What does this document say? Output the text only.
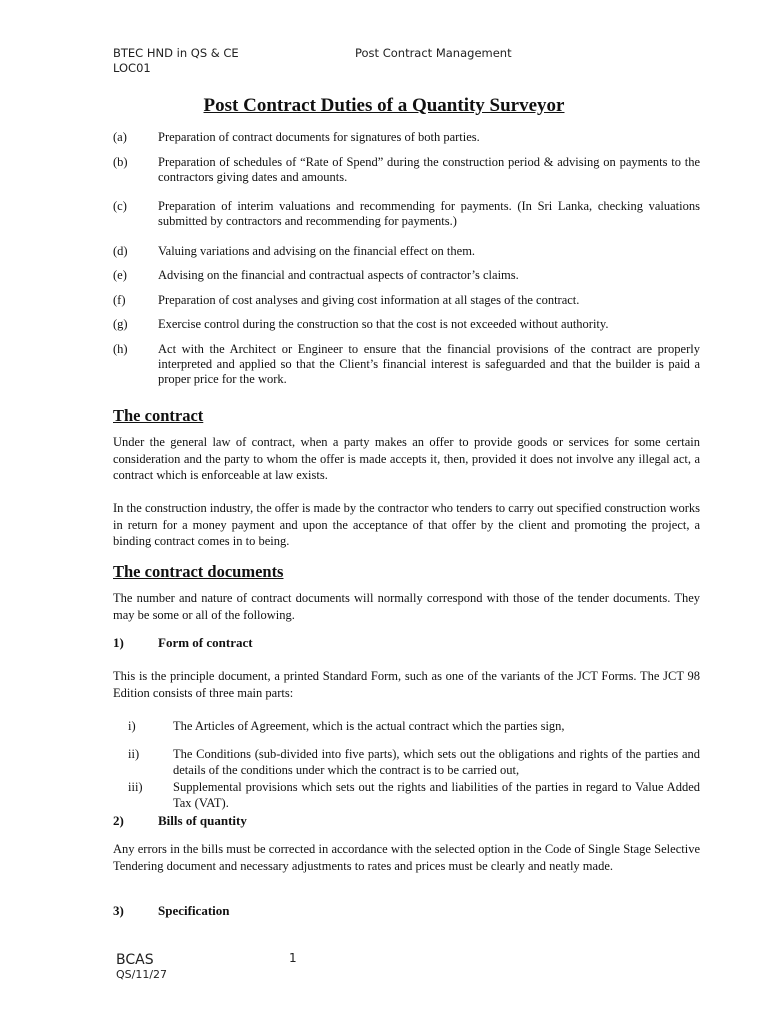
BTEC HND in QS & CE
LOC01
Post Contract Management
Post Contract Duties of a Quantity Surveyor
(a) Preparation of contract documents for signatures of both parties.
(b) Preparation of schedules of “Rate of Spend” during the construction period & advising on payments to the contractors giving dates and amounts.
(c) Preparation of interim valuations and recommending for payments. (In Sri Lanka, checking valuations submitted by contractors and recommending for payments.)
(d) Valuing variations and advising on the financial effect on them.
(e) Advising on the financial and contractual aspects of contractor’s claims.
(f)	Preparation of cost analyses and giving cost information at all stages of the contract.
(g) Exercise control during the construction so that the cost is not exceeded without authority.
(h) Act with the Architect or Engineer to ensure that the financial provisions of the contract are properly interpreted and applied so that the Client’s financial interest is safeguarded and that the builder is paid a proper price for the work.
The contract
Under the general law of contract, when a party makes an offer to provide goods or services for some certain consideration and the party to whom the offer is made accepts it, then, provided it does not involve any illegal act, a contract which is enforceable at law exists.
In the construction industry, the offer is made by the contractor who tenders to carry out specified construction works in return for a money payment and upon the acceptance of that offer by the client and promoting the project, a binding contract comes in to being.
The contract documents
The number and nature of contract documents will normally correspond with those of the tender documents. They may be some or all of the following.
1)	Form of contract
This is the principle document, a printed Standard Form, such as one of the variants of the JCT Forms. The JCT 98 Edition consists of three main parts:
i)	The Articles of Agreement, which is the actual contract which the parties sign,
ii)	The Conditions (sub-divided into five parts), which sets out the obligations and rights of the parties and details of the conditions under which the contract is to be carried out,
iii) Supplemental provisions which sets out the rights and liabilities of the parties in regard to Value Added Tax (VAT).
2)	Bills of quantity
Any errors in the bills must be corrected in accordance with the selected option in the Code of Single Stage Selective Tendering document and necessary adjustments to rates and prices must be clearly and neatly made.
3)	Specification
BCAS
QS/11/27
1
